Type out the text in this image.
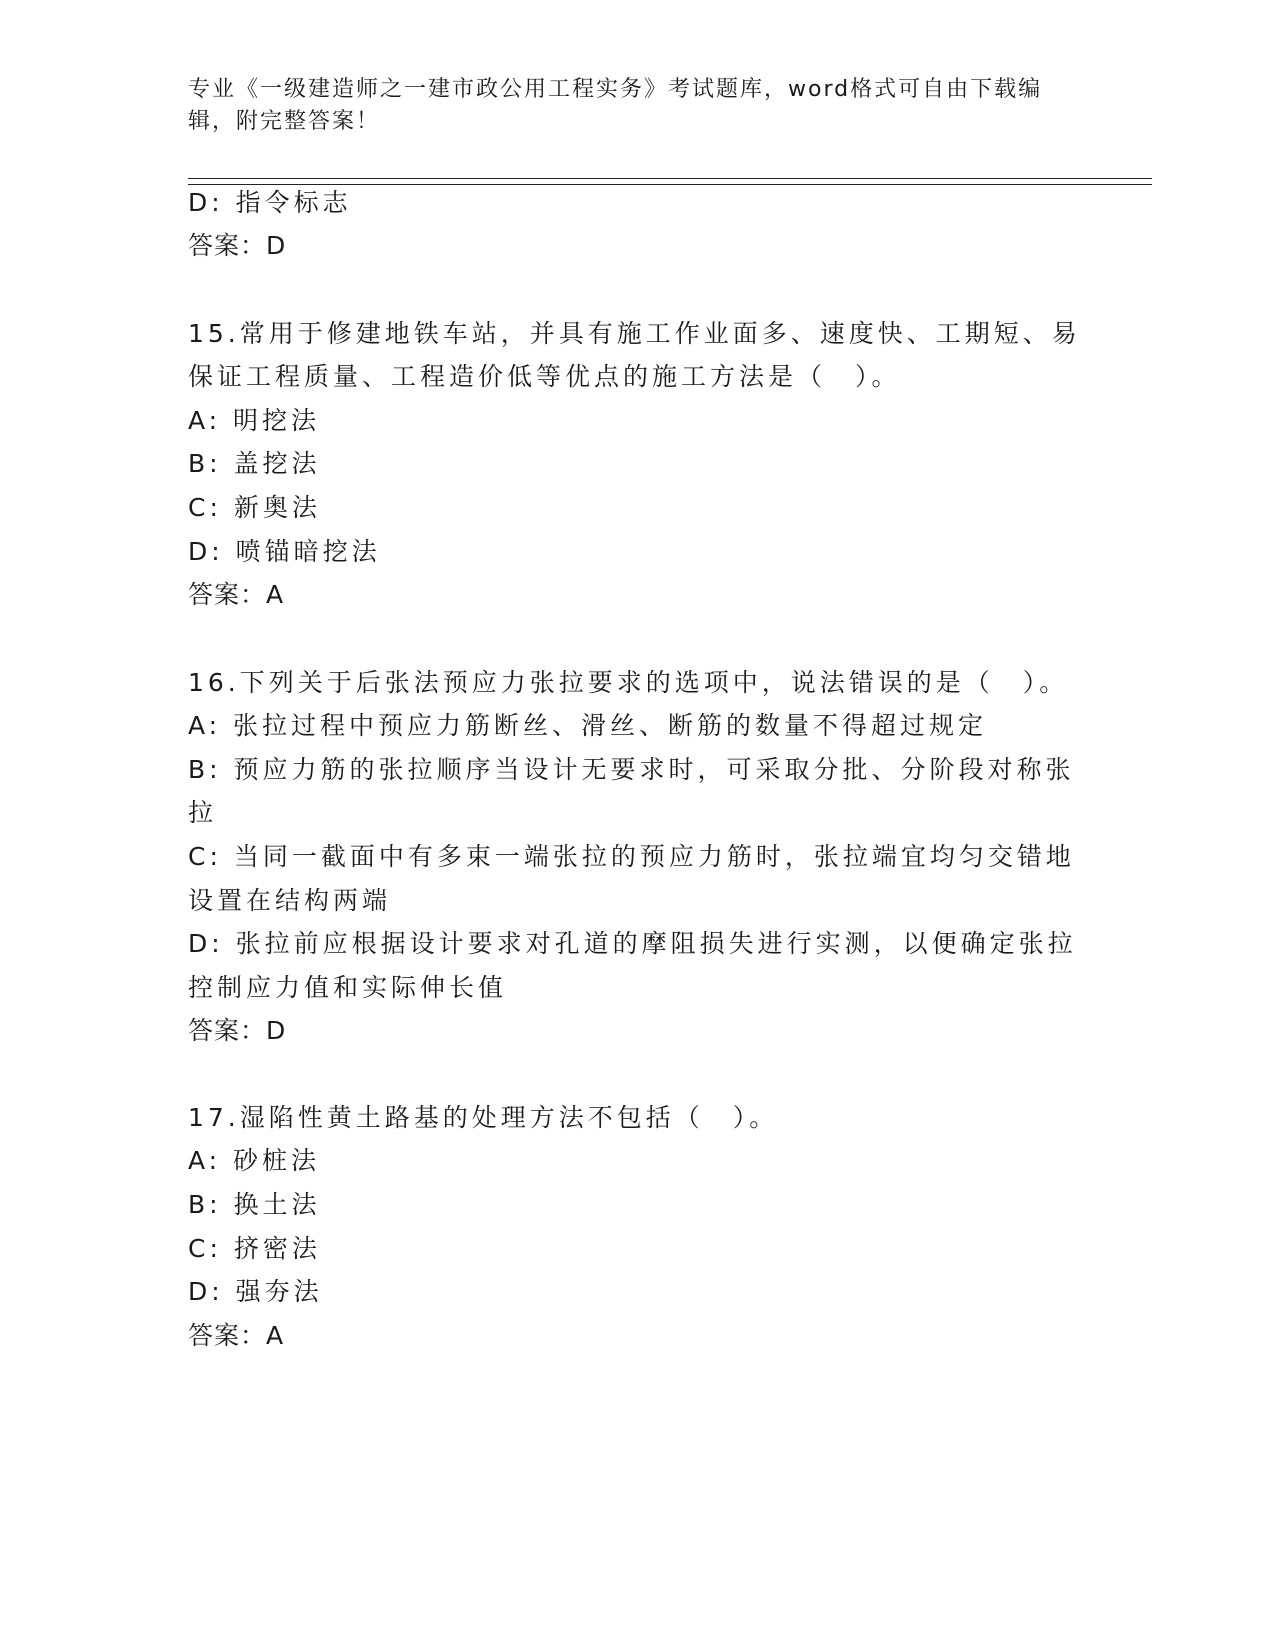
专业《一级建造师之一建市政公用工程实务》考试题库，word格式可自由下载编辑，附完整答案！
D: 指令标志
答案：D
15.常用于修建地铁车站，并具有施工作业面多、速度快、工期短、易
保证工程质量、工程造价低等优点的施工方法是（　）。
A: 明挖法
B: 盖挖法
C: 新奥法
D: 喷锚暗挖法
答案：A
16.下列关于后张法预应力张拉要求的选项中，说法错误的是（　）。
A: 张拉过程中预应力筋断丝、滑丝、断筋的数量不得超过规定
B: 预应力筋的张拉顺序当设计无要求时，可采取分批、分阶段对称张
拉
C: 当同一截面中有多束一端张拉的预应力筋时，张拉端宜均匀交错地
设置在结构两端
D: 张拉前应根据设计要求对孔道的摩阻损失进行实测，以便确定张拉
控制应力值和实际伸长值
答案：D
17.湿陷性黄土路基的处理方法不包括（　）。
A: 砂桩法
B: 换土法
C: 挤密法
D: 强夯法
答案：A
